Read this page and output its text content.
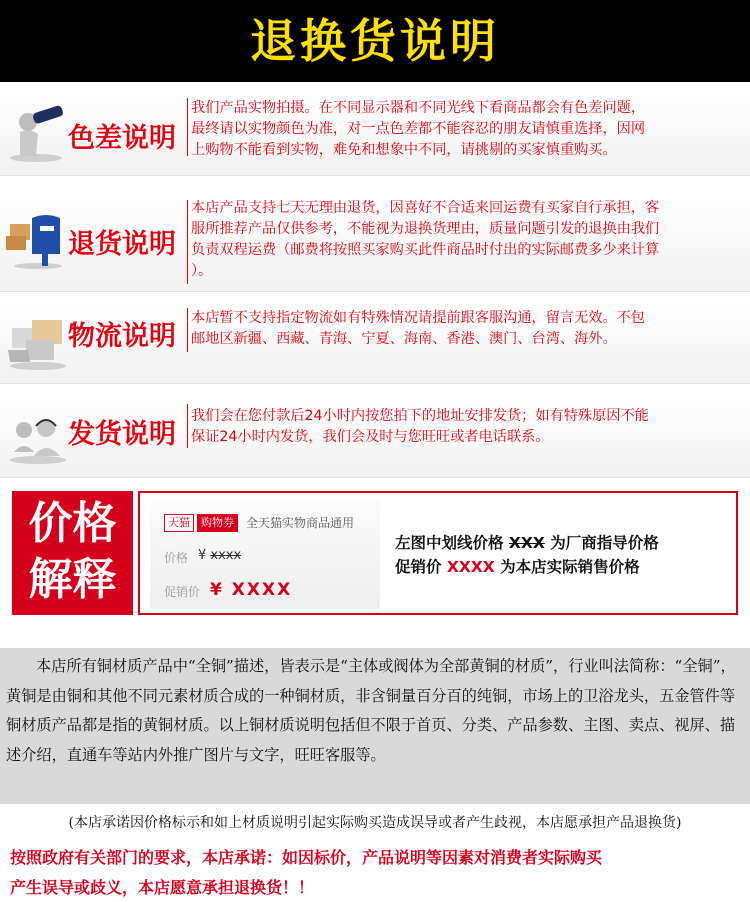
退换货说明
色差说明
我们产品实物拍摄。在不同显示器和不同光线下看商品都会有色差问题，
最终请以实物颜色为准，对一点色差都不能容忍的朋友请慎重选择，因网
上购物不能看到实物，难免和想象中不同，请挑剔的买家慎重购买。
退货说明
本店产品支持七天无理由退货，因喜好不合适来回运费有买家自行承担，客
服所推荐产品仅供参考，不能视为退换货理由，质量问题引发的退换由我们
负责双程运费（邮费将按照买家购买此件商品时付出的实际邮费多少来计算
）。
物流说明
本店暂不支持指定物流如有特殊情况请提前跟客服沟通，留言无效。不包
邮地区新疆、西藏、青海、宁夏、海南、香港、澳门、台湾、海外。
发货说明
我们会在您付款后24小时内按您拍下的地址安排发货；如有特殊原因不能
保证24小时内发货，我们会及时与您旺旺或者电话联系。
价格
解释
天猫	购物券	全天猫实物商品通用
价格 ¥ xxxx
促销价 ¥ XXXX
左图中划线价格 XXX 为厂商指导价格
促销价 XXXX 为本店实际销售价格
本店所有铜材质产品中“全铜”描述，皆表示是“主体或阀体为全部黄铜的材质”，行业叫法简称：“全铜”，黄铜是由铜和其他不同元素材质合成的一种铜材质，非含铜量百分百的纯铜，市场上的卫浴龙头，五金管件等铜材质产品都是指的黄铜材质。以上铜材质说明包括但不限于首页、分类、产品参数、主图、卖点、视屏、描述介绍，直通车等站内外推广图片与文字，旺旺客服等。
(本店承诺因价格标示和如上材质说明引起实际购买造成误导或者产生歧视，本店愿承担产品退换货)
按照政府有关部门的要求，本店承诺：如因标价，产品说明等因素对消费者实际购买
产生误导或歧义，本店愿意承担退换货！！
